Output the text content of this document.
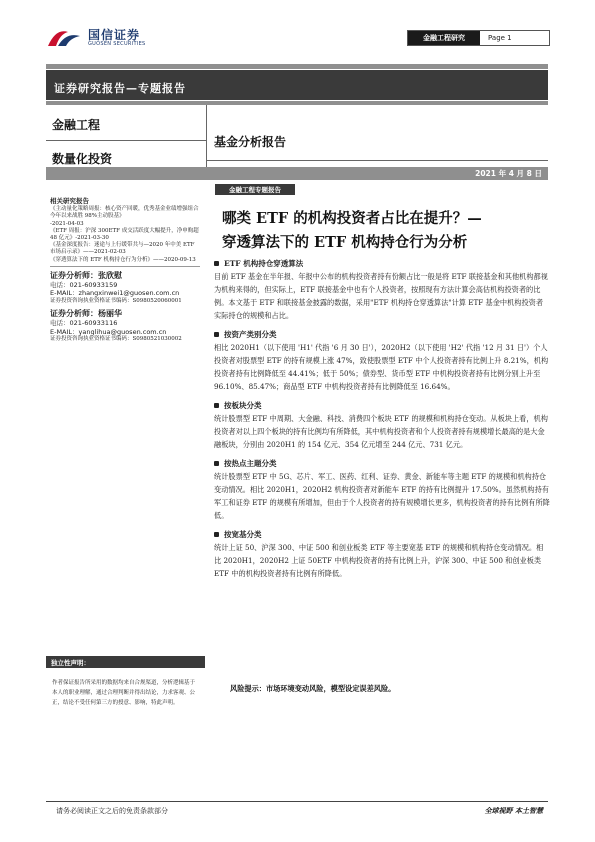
国信证券
GUOSEN SECURITIES
金融工程研究	Page 1
证券研究报告—专题报告
金融工程
数量化投资
基金分析报告
2021 年 4 月 8 日
金融工程专题报告
哪类 ETF 的机构投资者占比在提升？—
穿透算法下的 ETF 机构持仓行为分析
相关研究报告
《主动量化策略周报：核心资产回暖，优秀基金业绩增强组合今年以来战胜 98%主动股基》
-2021-04-03
《ETF 周报：沪深 300ETF 成交活跃度大幅提升，净申购超 48 亿元》-2021-03-30
《基金深度报告：迷途与上行缓带共与—2020 年中美 ETF 市场启示录》——2021-02-03
《穿透算法下的 ETF 机构持仓行为分析》——2020-09-13
证券分析师：张欣慰
电话：021-60933159
E-MAIL：zhangxinwei1@guosen.com.cn
证券投资咨询执业资格证书编码：S0980520060001
证券分析师：杨丽华
电话：021-60933116
E-MAIL：yanglihua@guosen.com.cn
证券投资咨询执业资格证书编码：S0980521030002
ETF 机构持仓穿透算法

目前 ETF 基金在半年报、年报中公布的机构投资者持有份额占比一般是将 ETF 联接基金和其他机构都视为机构来得的，但实际上，ETF 联接基金中也有个人投资者，按照现有方法计算会高估机构投资者的比例。本文基于 ETF 和联接基金披露的数据，采用"ETF 机构持仓穿透算法"计算 ETF 基金中机构投资者实际持仓的规模和占比。

按资产类别分类

相比 2020H1（以下使用 'H1' 代指 '6 月 30 日'），2020H2（以下使用 'H2' 代指 '12 月 31 日'）个人投资者对股票型 ETF 的持有规模上涨 47%，致使股票型 ETF 中个人投资者持有比例上升 8.21%，机构投资者持有比例降低至 44.41%；低于 50%；债券型、货币型 ETF 中机构投资者持有比例分别上升至 96.10%、85.47%；商品型 ETF 中机构投资者持有比例降低至 16.64%。

按板块分类

统计股票型 ETF 中周期、大金融、科技、消费四个板块 ETF 的规模和机构持仓变动。从板块上看，机构投资者对以上四个板块的持有比例均有所降低，其中机构投资者和个人投资者持有规模增长最高的是大金融板块，分别由 2020H1 的 154 亿元、354 亿元增至 244 亿元、731 亿元。

按热点主题分类

统计股票型 ETF 中 5G、芯片、军工、医药、红利、证券、黄金、新能车等主题 ETF 的规模和机构持仓变动情况。相比 2020H1，2020H2 机构投资者对新能车 ETF 的持有比例提升 17.50%。虽然机构持有军工和证券 ETF 的规模有所增加，但由于个人投资者的持有规模增长更多，机构投资者的持有比例有所降低。

按宽基分类

统计上证 50、沪深 300、中证 500 和创业板类 ETF 等主要宽基 ETF 的规模和机构持仓变动情况。相比 2020H1，2020H2 上证 50ETF 中机构投资者的持有比例上升，沪深 300、中证 500 和创业板类 ETF 中的机构投资者持有比例有所降低。

独立性声明：
作者保证报告所采用的数据均来自合规渠道，分析逻辑基于本人的职业理解，通过合理判断并得出结论，力求客观、公正，结论不受任何第三方的授意、影响，特此声明。
风险提示：市场环境变动风险，模型设定误差风险。
请务必阅读正文之后的免责条款部分	全球视野 本土智慧
